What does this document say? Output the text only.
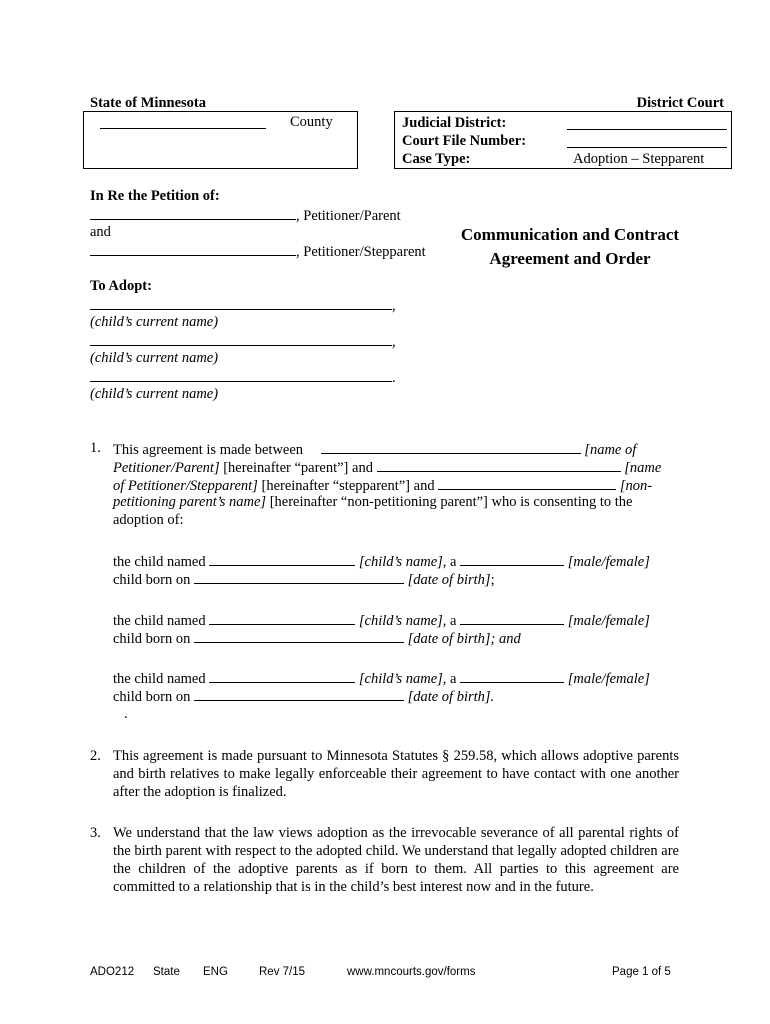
State of Minnesota	District Court
County	Judicial District:
Court File Number:
Case Type:	Adoption – Stepparent
In Re the Petition of:
, Petitioner/Parent
and
, Petitioner/Stepparent
Communication and Contract
Agreement and Order
To Adopt:
,
(child’s current name)
,
(child’s current name)
.
(child’s current name)
1. This agreement is made between	[name of
Petitioner/Parent] [hereinafter “parent”] and	[name
of Petitioner/Stepparent] [hereinafter “stepparent”] and	[non-
petitioning parent’s name] [hereinafter “non-petitioning parent”] who is consenting to the
adoption of:
the child named	[child’s name], a	[male/female]
child born on	[date of birth];
the child named	[child’s name], a	[male/female]
child born on	[date of birth]; and
the child named	[child’s name], a	[male/female]
child born on	[date of birth].
.
2. This agreement is made pursuant to Minnesota Statutes § 259.58, which allows adoptive parents and birth relatives to make legally enforceable their agreement to have contact with one another after the adoption is finalized.
3. We understand that the law views adoption as the irrevocable severance of all parental rights of the birth parent with respect to the adopted child. We understand that legally adopted children are the children of the adoptive parents as if born to them. All parties to this agreement are committed to a relationship that is in the child’s best interest now and in the future.
ADO212 State ENG	Rev 7/15	www.mncourts.gov/forms	Page 1 of 5
